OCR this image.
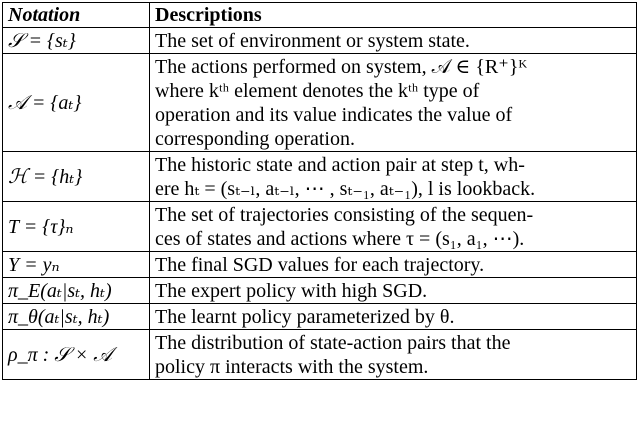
Notation	Descriptions
𝒮 = {sₜ}	The set of environment or system state.
𝒜 = {aₜ}	The actions performed on system, 𝒜 ∈ {R⁺}ᴷ
where kᵗʰ element denotes the kᵗʰ type of
operation and its value indicates the value of
corresponding operation.
ℋ = {hₜ}	The historic state and action pair at step t, wh-
ere hₜ = (sₜ₋ₗ, aₜ₋ₗ, ⋯ , sₜ₋₁, aₜ₋₁), l is lookback.
T = {τ}ₙ	The set of trajectories consisting of the sequen-
ces of states and actions where τ = (s₁, a₁, ⋯).
Y = yₙ	The final SGD values for each trajectory.
π_E(aₜ|sₜ, hₜ)	The expert policy with high SGD.
π_θ(aₜ|sₜ, hₜ)	The learnt policy parameterized by θ.
ρ_π : 𝒮 × 𝒜	The distribution of state-action pairs that the
policy π interacts with the system.
